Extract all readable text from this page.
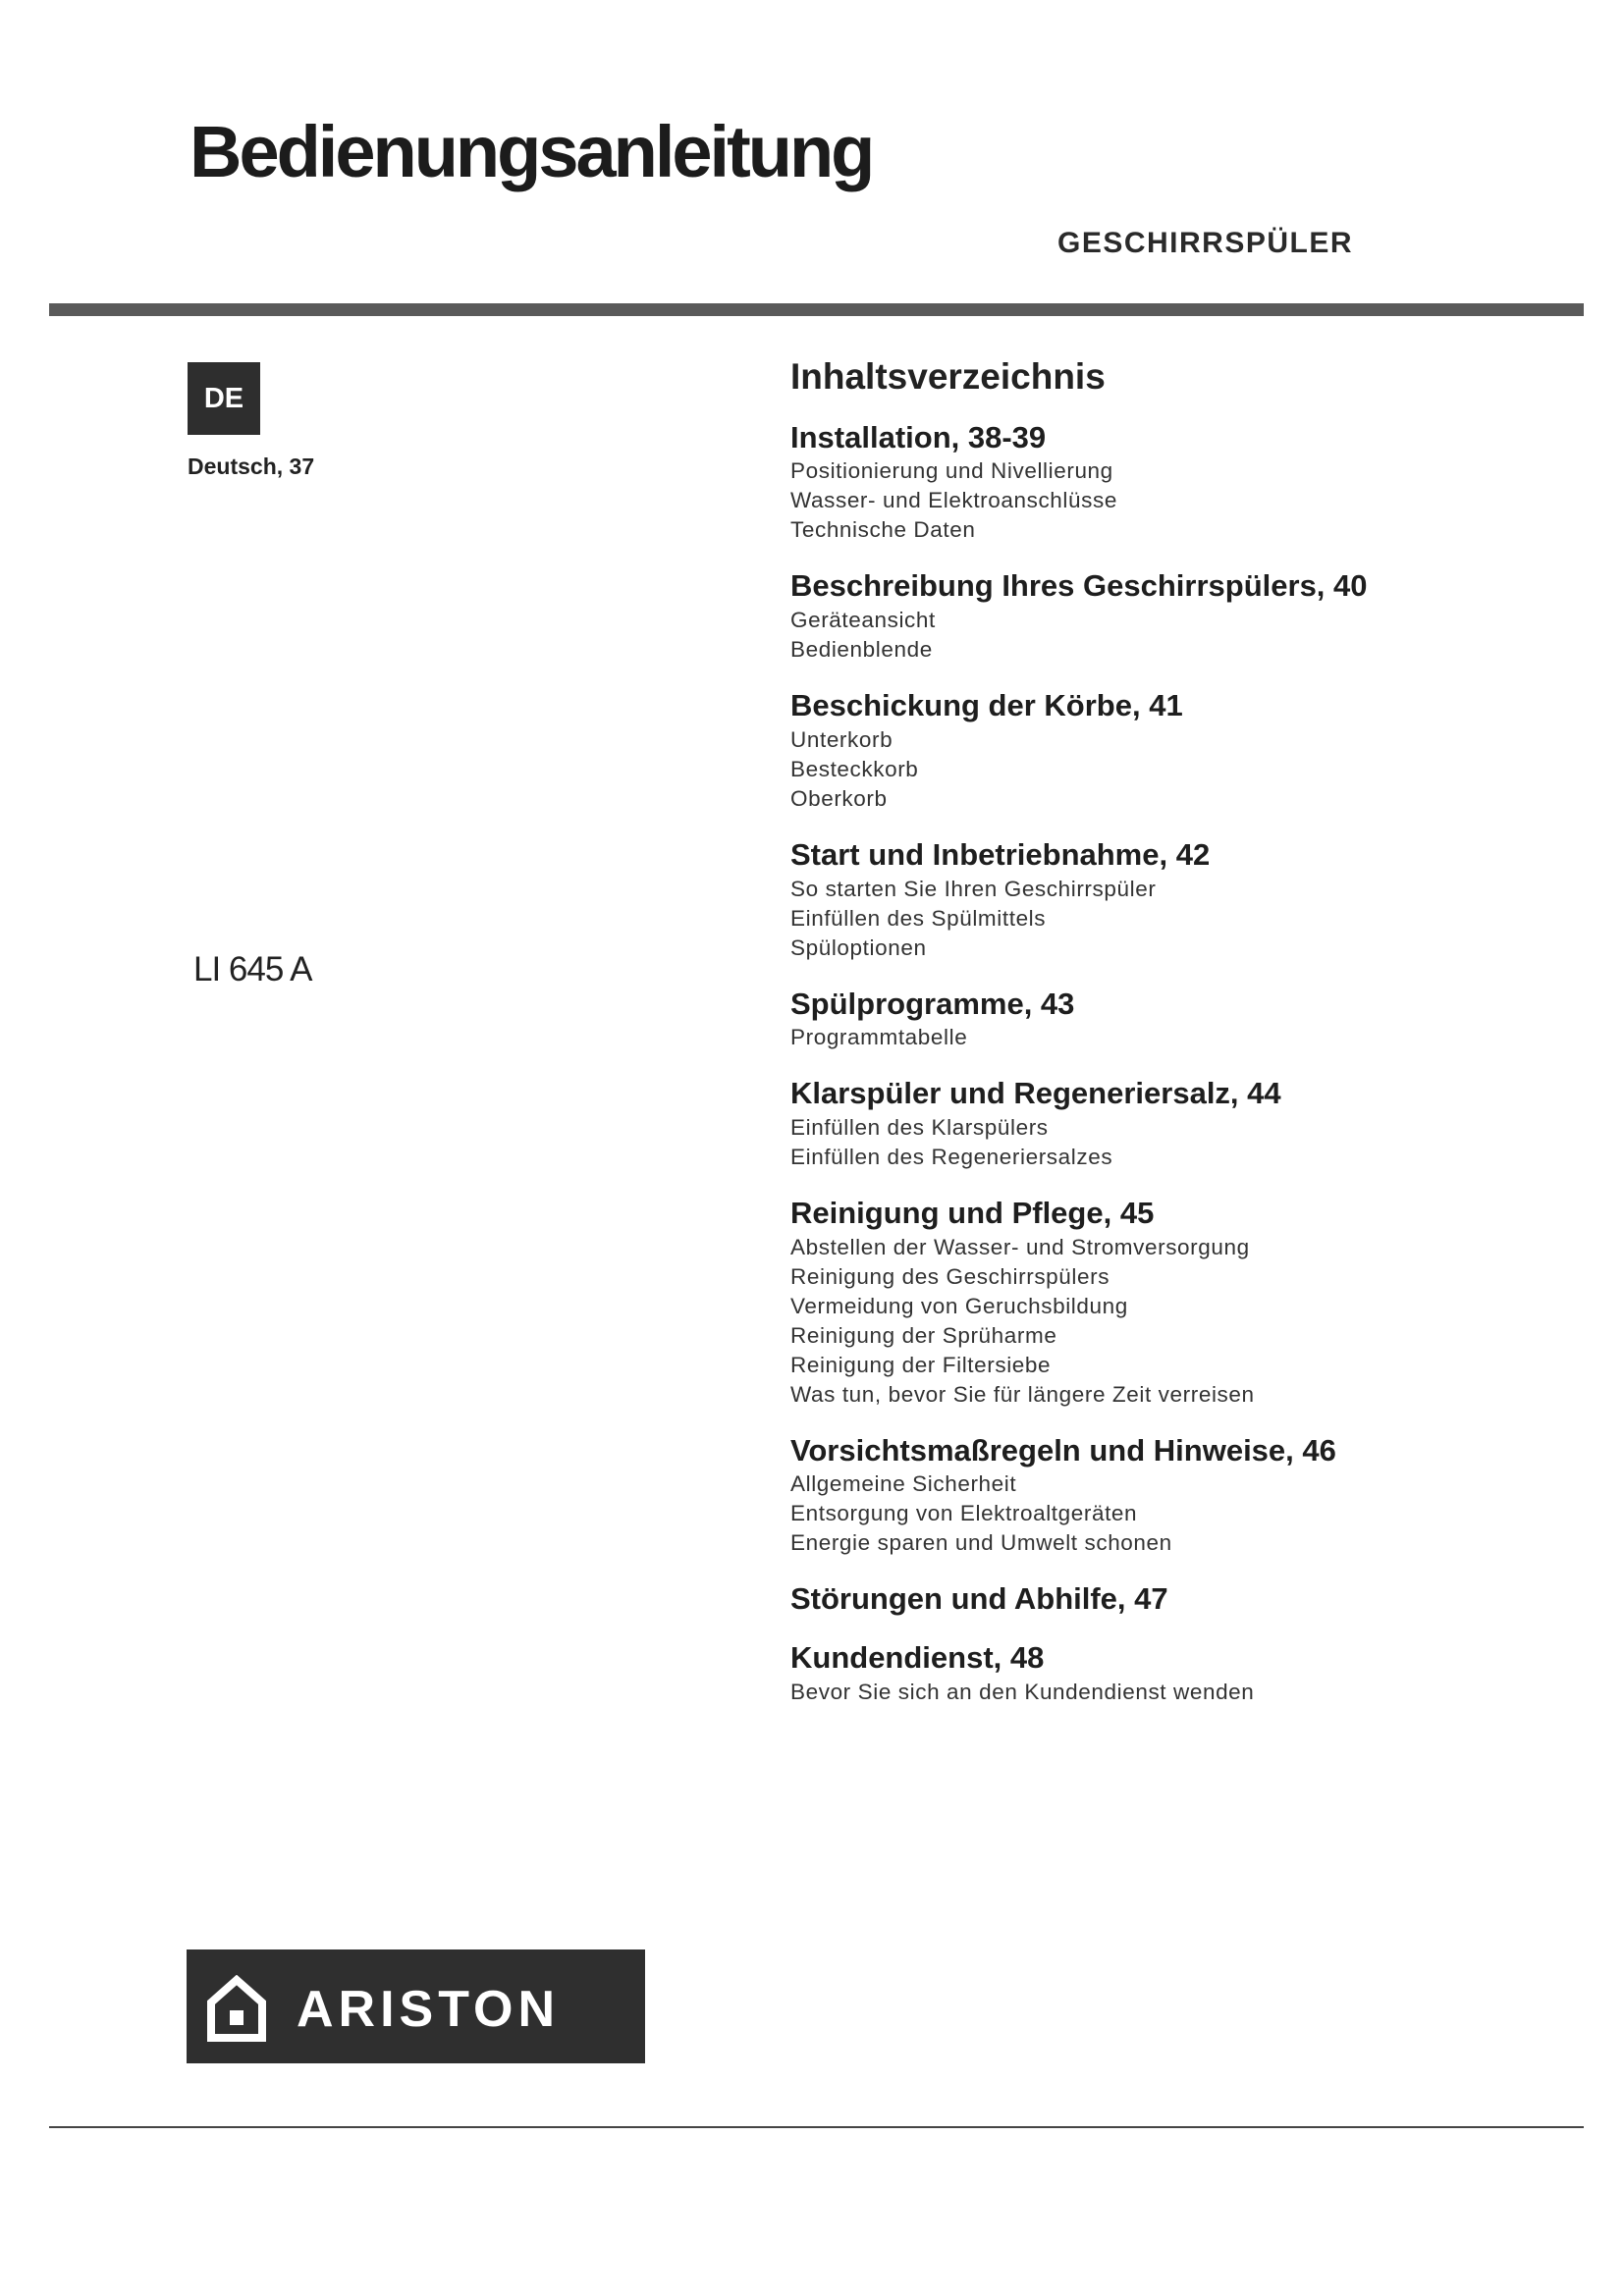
Bedienungsanleitung
GESCHIRRSPÜLER
DE
Deutsch, 37
LI 645 A
Inhaltsverzeichnis
Installation, 38-39
Positionierung und Nivellierung
Wasser- und Elektroanschlüsse
Technische Daten
Beschreibung Ihres Geschirrspülers, 40
Geräteansicht
Bedienblende
Beschickung der Körbe, 41
Unterkorb
Besteckkorb
Oberkorb
Start und Inbetriebnahme, 42
So starten Sie Ihren Geschirrspüler
Einfüllen des Spülmittels
Spüloptionen
Spülprogramme, 43
Programmtabelle
Klarspüler und Regeneriersalz, 44
Einfüllen des Klarspülers
Einfüllen des Regeneriersalzes
Reinigung und Pflege, 45
Abstellen der Wasser- und Stromversorgung
Reinigung des Geschirrspülers
Vermeidung von Geruchsbildung
Reinigung der Sprüharme
Reinigung der Filtersiebe
Was tun, bevor Sie für längere Zeit verreisen
Vorsichtsmaßregeln und Hinweise, 46
Allgemeine Sicherheit
Entsorgung von Elektroaltgeräten
Energie sparen und Umwelt schonen
Störungen und Abhilfe, 47
Kundendienst, 48
Bevor Sie sich an den Kundendienst wenden
ARISTON
